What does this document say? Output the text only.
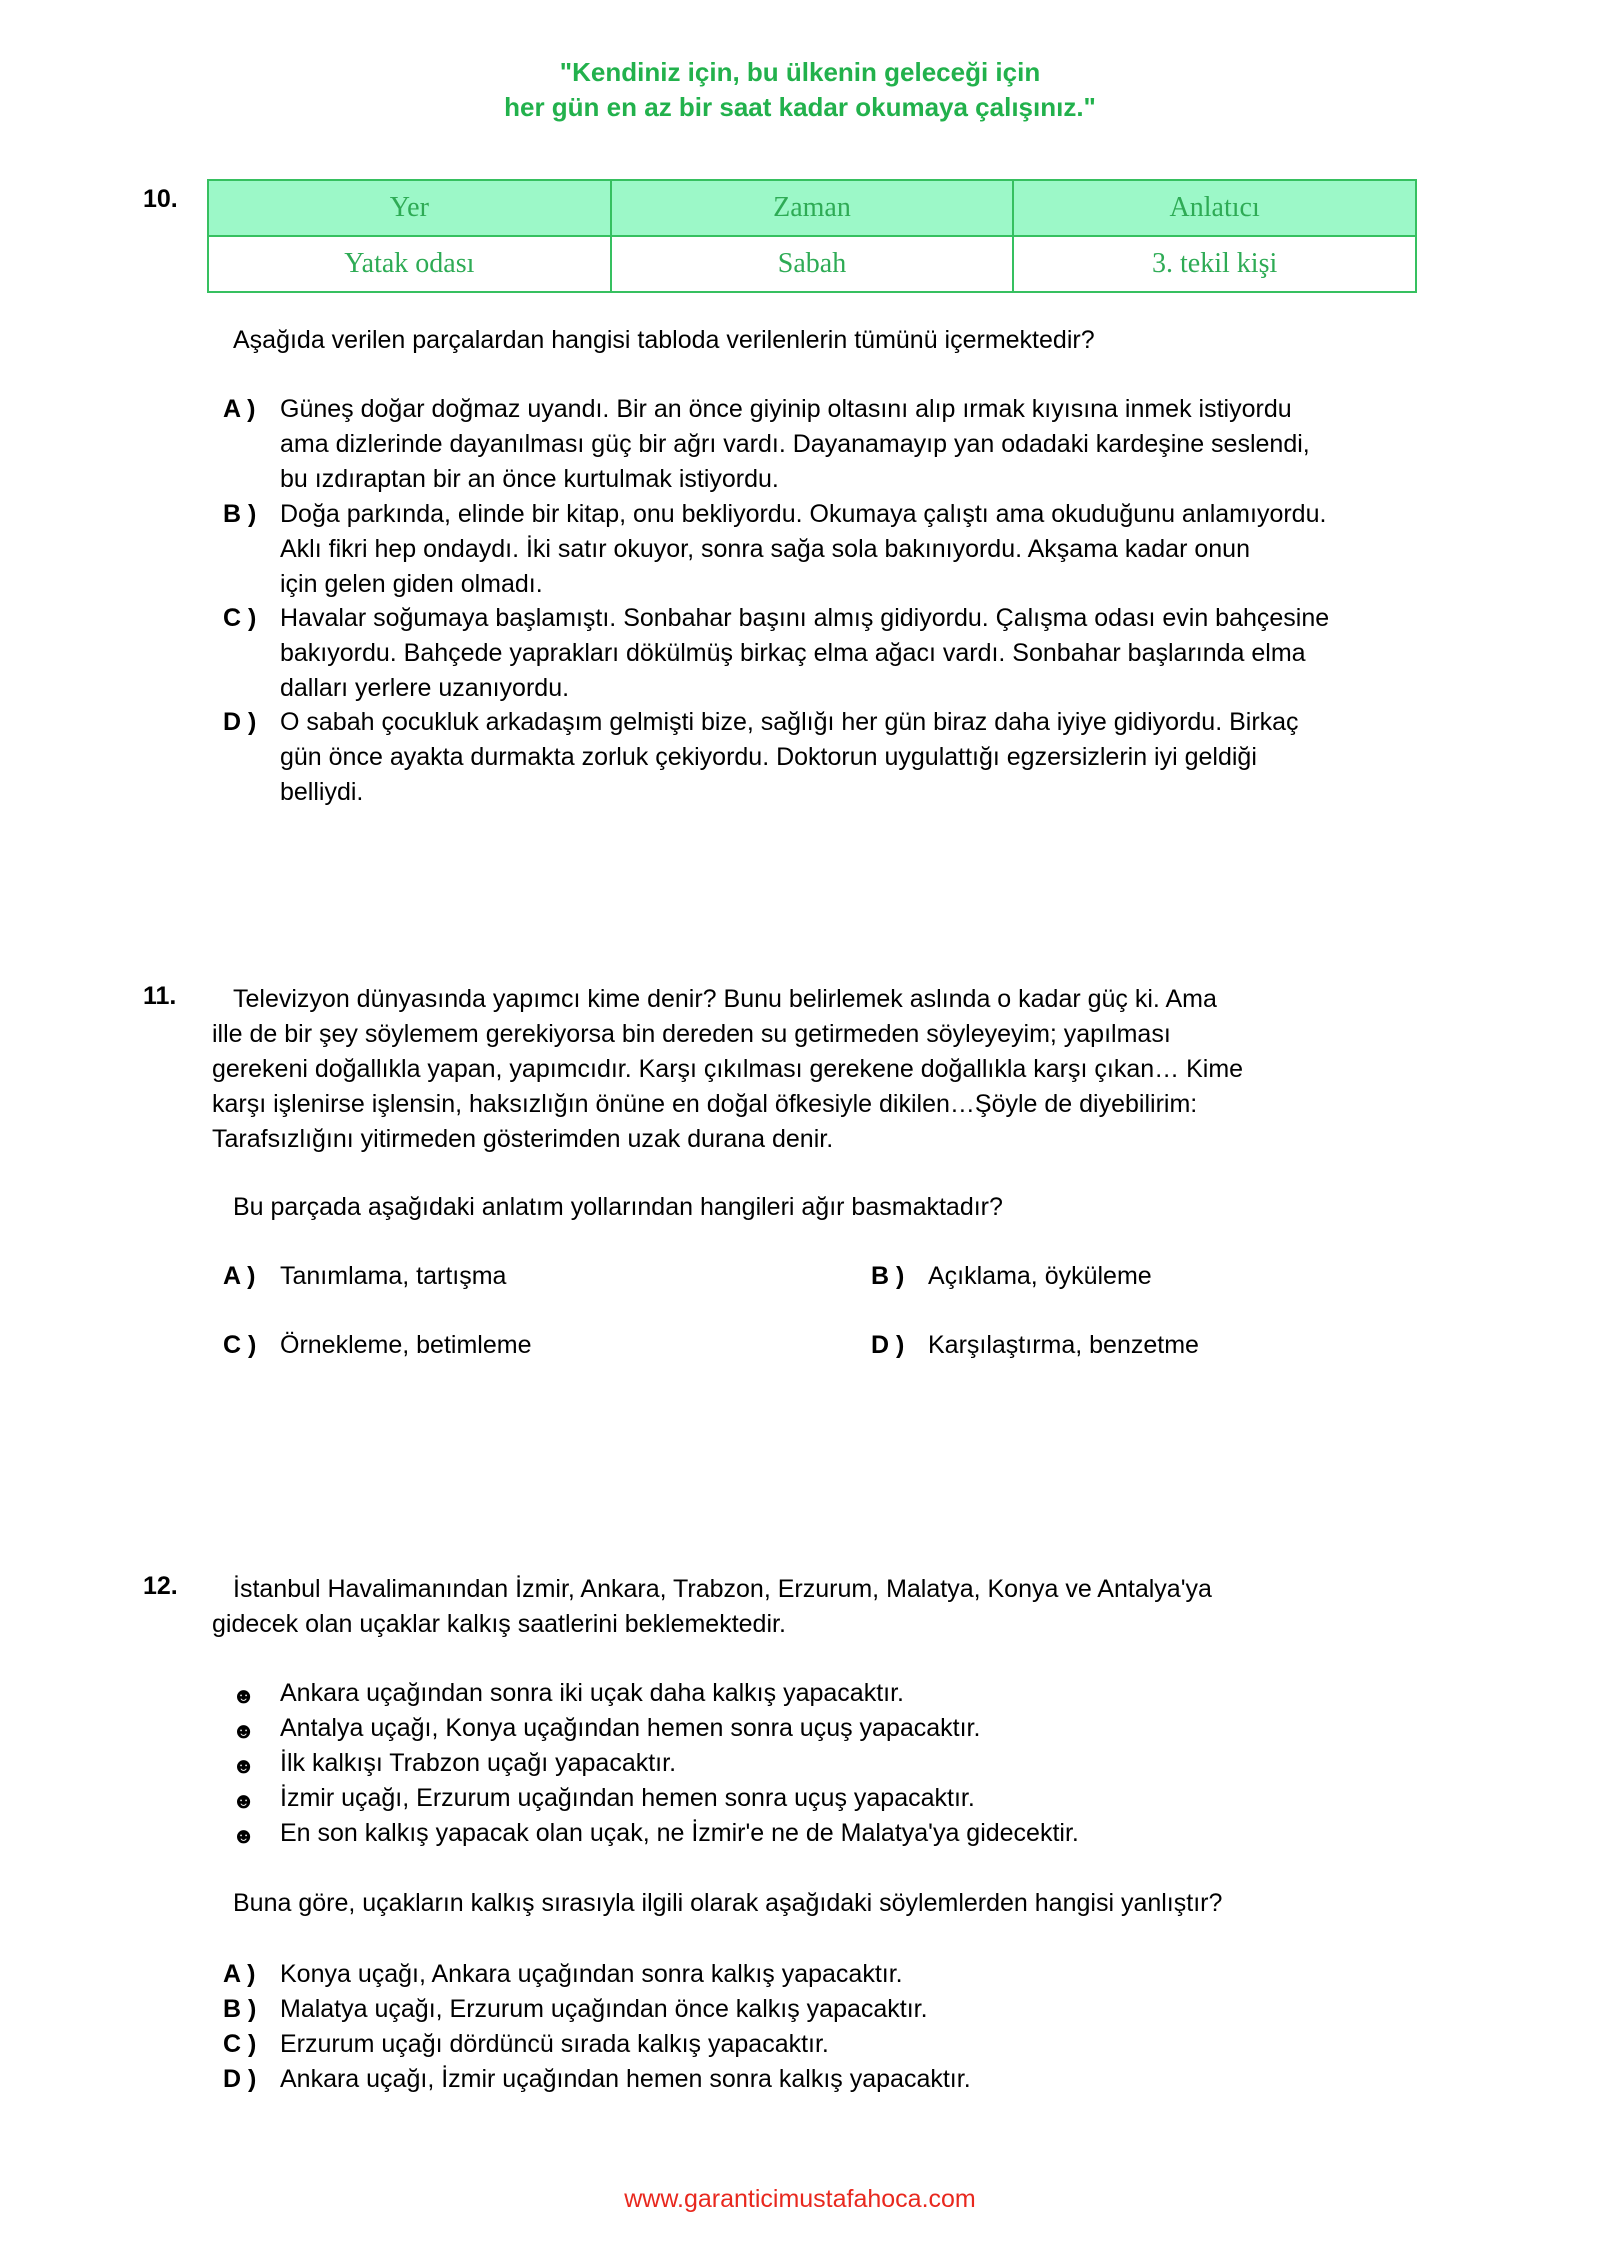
"Kendiniz için, bu ülkenin geleceği için
her gün en az bir saat kadar okumaya çalışınız."
10.	Yer	Zaman	Anlatıcı
Yatak odası	Sabah	3. tekil kişi
Aşağıda verilen parçalardan hangisi tabloda verilenlerin tümünü içermektedir?
A ) Güneş doğar doğmaz uyandı. Bir an önce giyinip oltasını alıp ırmak kıyısına inmek istiyordu
ama dizlerinde dayanılması güç bir ağrı vardı. Dayanamayıp yan odadaki kardeşine seslendi,
bu ızdıraptan bir an önce kurtulmak istiyordu.
B ) Doğa parkında, elinde bir kitap, onu bekliyordu. Okumaya çalıştı ama okuduğunu anlamıyordu.
Aklı fikri hep ondaydı. İki satır okuyor, sonra sağa sola bakınıyordu. Akşama kadar onun
için gelen giden olmadı.
C ) Havalar soğumaya başlamıştı. Sonbahar başını almış gidiyordu. Çalışma odası evin bahçesine
bakıyordu. Bahçede yaprakları dökülmüş birkaç elma ağacı vardı. Sonbahar başlarında elma
dalları yerlere uzanıyordu.
D ) O sabah çocukluk arkadaşım gelmişti bize, sağlığı her gün biraz daha iyiye gidiyordu. Birkaç
gün önce ayakta durmakta zorluk çekiyordu. Doktorun uygulattığı egzersizlerin iyi geldiği
belliydi.
11. Televizyon dünyasında yapımcı kime denir? Bunu belirlemek aslında o kadar güç ki. Ama
ille de bir şey söylemem gerekiyorsa bin dereden su getirmeden söyleyeyim; yapılması
gerekeni doğallıkla yapan, yapımcıdır. Karşı çıkılması gerekene doğallıkla karşı çıkan… Kime
karşı işlenirse işlensin, haksızlığın önüne en doğal öfkesiyle dikilen…Şöyle de diyebilirim:
Tarafsızlığını yitirmeden gösterimden uzak durana denir.
Bu parçada aşağıdaki anlatım yollarından hangileri ağır basmaktadır?
A ) Tanımlama, tartışma	B ) Açıklama, öyküleme
C ) Örnekleme, betimleme	D ) Karşılaştırma, benzetme
12. İstanbul Havalimanından İzmir, Ankara, Trabzon, Erzurum, Malatya, Konya ve Antalya'ya
gidecek olan uçaklar kalkış saatlerini beklemektedir.
☻ Ankara uçağından sonra iki uçak daha kalkış yapacaktır.
☻ Antalya uçağı, Konya uçağından hemen sonra uçuş yapacaktır.
☻ İlk kalkışı Trabzon uçağı yapacaktır.
☻ İzmir uçağı, Erzurum uçağından hemen sonra uçuş yapacaktır.
☻ En son kalkış yapacak olan uçak, ne İzmir'e ne de Malatya'ya gidecektir.
Buna göre, uçakların kalkış sırasıyla ilgili olarak aşağıdaki söylemlerden hangisi yanlıştır?
A ) Konya uçağı, Ankara uçağından sonra kalkış yapacaktır.
B ) Malatya uçağı, Erzurum uçağından önce kalkış yapacaktır.
C ) Erzurum uçağı dördüncü sırada kalkış yapacaktır.
D ) Ankara uçağı, İzmir uçağından hemen sonra kalkış yapacaktır.
www.garanticimustafahoca.com
